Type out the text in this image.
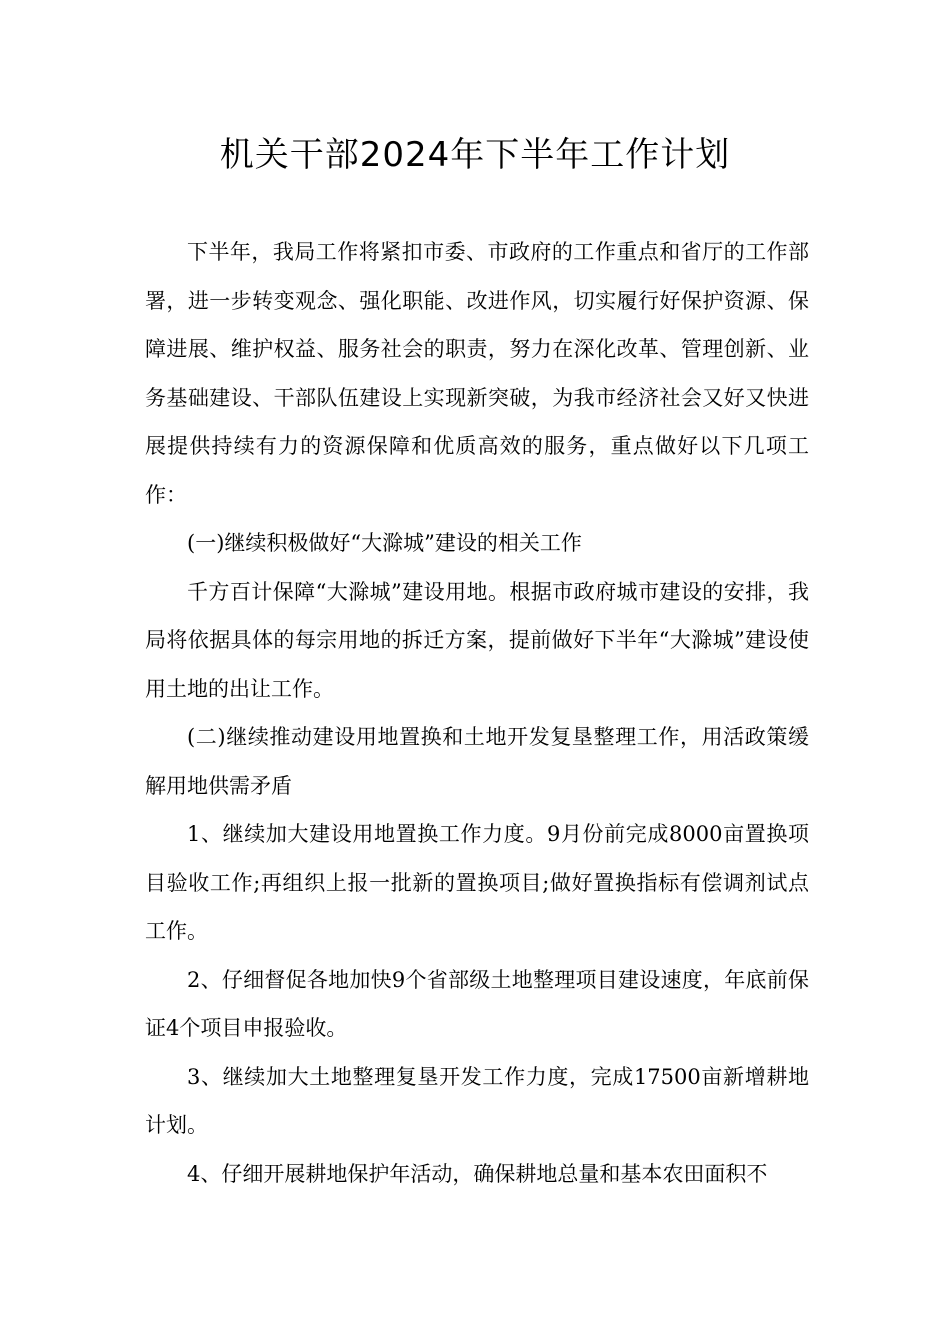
机关干部2024年下半年工作计划

下半年，我局工作将紧扣市委、市政府的工作重点和省厅的工作部署，进一步转变观念、强化职能、改进作风，切实履行好保护资源、保障进展、维护权益、服务社会的职责，努力在深化改革、管理创新、业务基础建设、干部队伍建设上实现新突破，为我市经济社会又好又快进展提供持续有力的资源保障和优质高效的服务，重点做好以下几项工作：

(一)继续积极做好“大滁城”建设的相关工作

千方百计保障“大滁城”建设用地。根据市政府城市建设的安排，我局将依据具体的每宗用地的拆迁方案，提前做好下半年“大滁城”建设使用土地的出让工作。

(二)继续推动建设用地置换和土地开发复垦整理工作，用活政策缓解用地供需矛盾

1、继续加大建设用地置换工作力度。9月份前完成8000亩置换项目验收工作;再组织上报一批新的置换项目;做好置换指标有偿调剂试点工作。

2、仔细督促各地加快9个省部级土地整理项目建设速度，年底前保证4个项目申报验收。

3、继续加大土地整理复垦开发工作力度，完成17500亩新增耕地计划。

4、仔细开展耕地保护年活动，确保耕地总量和基本农田面积不
